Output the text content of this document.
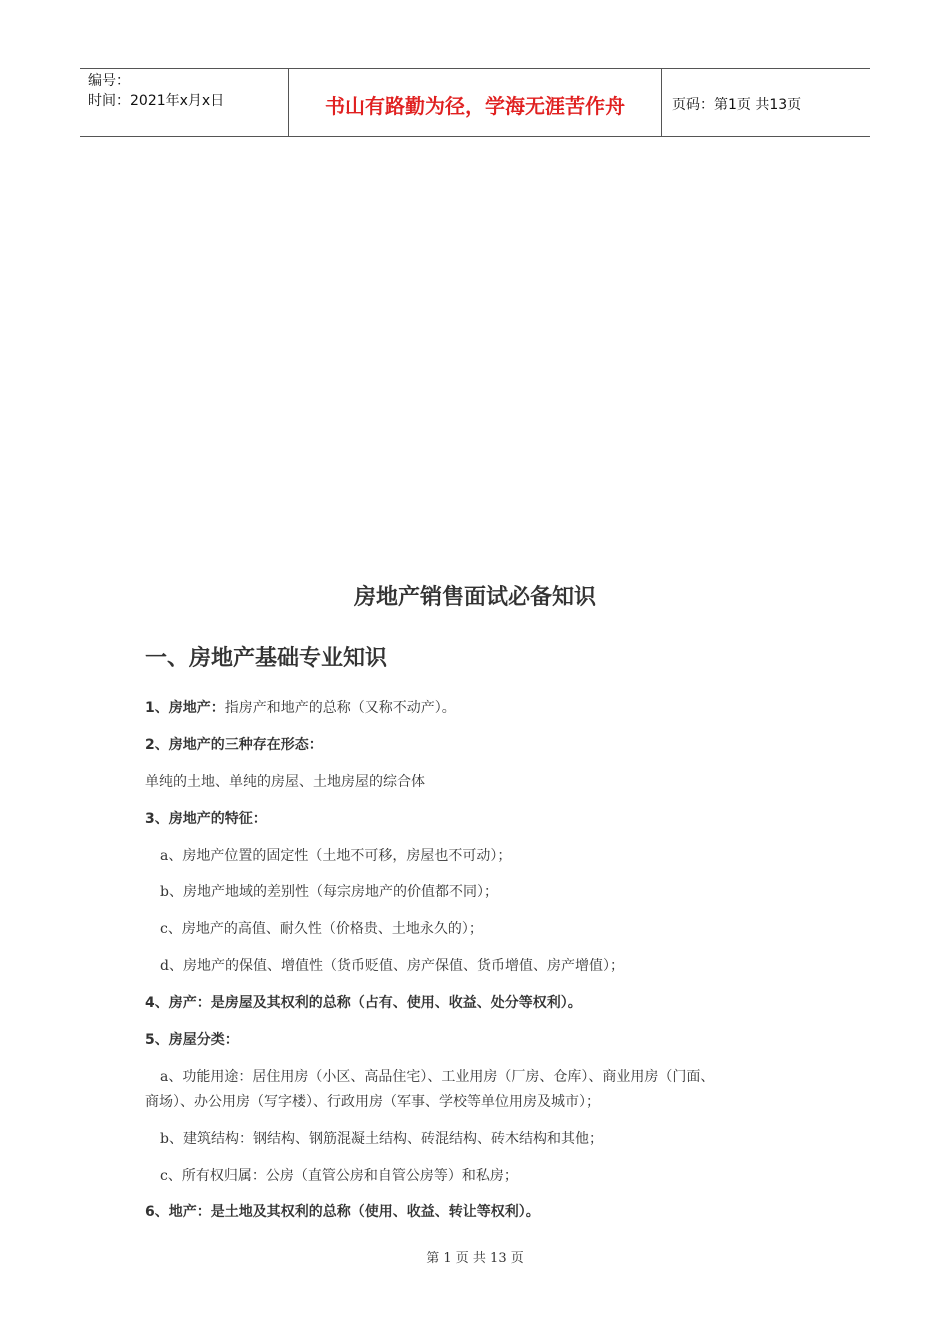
编号：
时间：2021年x月x日	书山有路勤为径，学海无涯苦作舟	页码：第1页 共13页
房地产销售面试必备知识
一、房地产基础专业知识
1、房地产：指房产和地产的总称（又称不动产）。
2、房地产的三种存在形态：
单纯的土地、单纯的房屋、土地房屋的综合体
3、房地产的特征：
a、房地产位置的固定性（土地不可移，房屋也不可动）；
b、房地产地域的差别性（每宗房地产的价值都不同）；
c、房地产的高值、耐久性（价格贵、土地永久的）；
d、房地产的保值、增值性（货币贬值、房产保值、货币增值、房产增值）；
4、房产：是房屋及其权利的总称（占有、使用、收益、处分等权利）。
5、房屋分类：
a、功能用途：居住用房（小区、高品住宅）、工业用房（厂房、仓库）、商业用房（门面、
商场）、办公用房（写字楼）、行政用房（军事、学校等单位用房及城市）；
b、建筑结构：钢结构、钢筋混凝土结构、砖混结构、砖木结构和其他；
c、所有权归属：公房（直管公房和自管公房等）和私房；
6、地产：是土地及其权利的总称（使用、收益、转让等权利）。
第 1 页 共 13 页
